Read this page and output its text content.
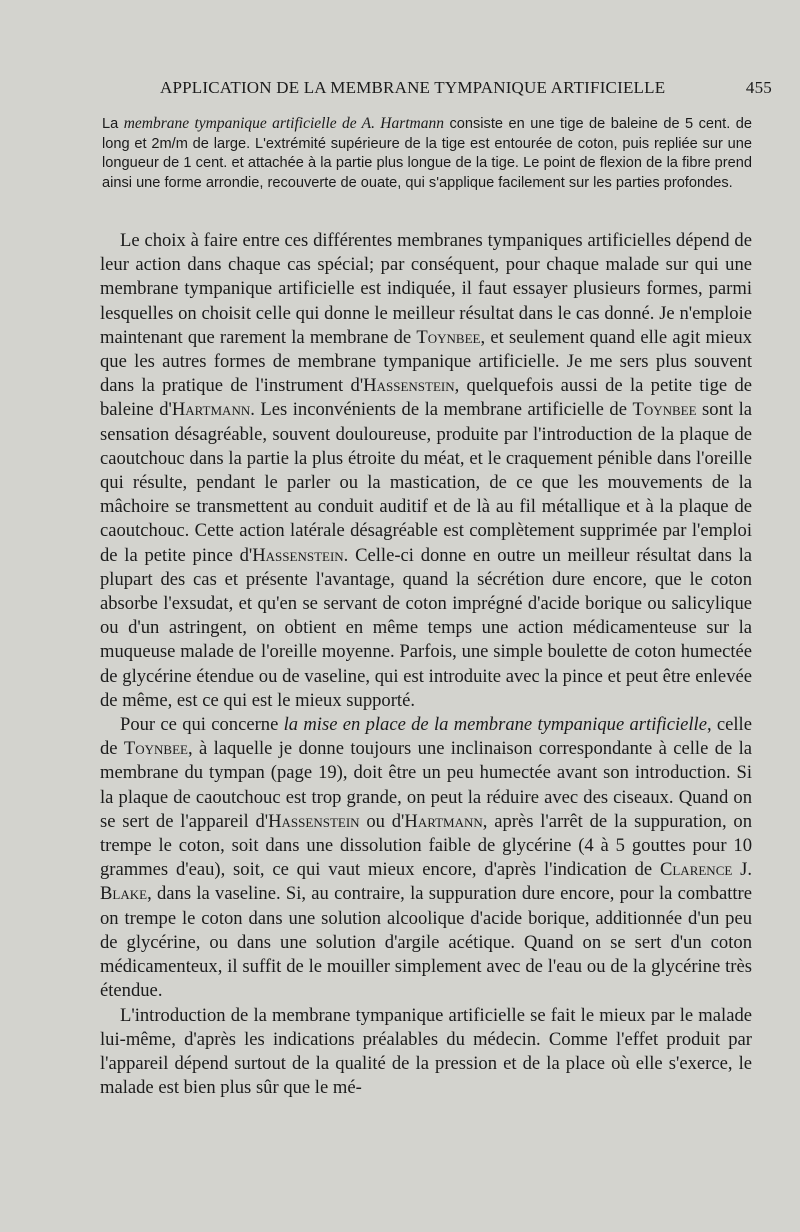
APPLICATION DE LA MEMBRANE TYMPANIQUE ARTIFICIELLE	455
La membrane tympanique artificielle de A. Hartmann consiste en une tige de baleine de 5 cent. de long et 2m/m de large. L'extrémité supérieure de la tige est entourée de coton, puis repliée sur une longueur de 1 cent. et attachée à la partie plus longue de la tige. Le point de flexion de la fibre prend ainsi une forme arrondie, recouverte de ouate, qui s'applique facilement sur les parties profondes.

Le choix à faire entre ces différentes membranes tympaniques artificielles dépend de leur action dans chaque cas spécial; par conséquent, pour chaque malade sur qui une membrane tympanique artificielle est indiquée, il faut essayer plusieurs formes, parmi lesquelles on choisit celle qui donne le meilleur résultat dans le cas donné. Je n'emploie maintenant que rarement la membrane de Toynbee, et seulement quand elle agit mieux que les autres formes de membrane tympanique artificielle. Je me sers plus souvent dans la pratique de l'instrument d'Hassenstein, quelquefois aussi de la petite tige de baleine d'Hartmann. Les inconvénients de la membrane artificielle de Toynbee sont la sensation désagréable, souvent douloureuse, produite par l'introduction de la plaque de caoutchouc dans la partie la plus étroite du méat, et le craquement pénible dans l'oreille qui résulte, pendant le parler ou la mastication, de ce que les mouvements de la mâchoire se transmettent au conduit auditif et de là au fil métallique et à la plaque de caoutchouc. Cette action latérale désagréable est complètement supprimée par l'emploi de la petite pince d'Hassenstein. Celle-ci donne en outre un meilleur résultat dans la plupart des cas et présente l'avantage, quand la sécrétion dure encore, que le coton absorbe l'exsudat, et qu'en se servant de coton imprégné d'acide borique ou salicylique ou d'un astringent, on obtient en même temps une action médicamenteuse sur la muqueuse malade de l'oreille moyenne. Parfois, une simple boulette de coton humectée de glycérine étendue ou de vaseline, qui est introduite avec la pince et peut être enlevée de même, est ce qui est le mieux supporté.

Pour ce qui concerne la mise en place de la membrane tympanique artificielle, celle de Toynbee, à laquelle je donne toujours une inclinaison correspondante à celle de la membrane du tympan (page 19), doit être un peu humectée avant son introduction. Si la plaque de caoutchouc est trop grande, on peut la réduire avec des ciseaux. Quand on se sert de l'appareil d'Hassenstein ou d'Hartmann, après l'arrêt de la suppuration, on trempe le coton, soit dans une dissolution faible de glycérine (4 à 5 gouttes pour 10 grammes d'eau), soit, ce qui vaut mieux encore, d'après l'indication de Clarence J. Blake, dans la vaseline. Si, au contraire, la suppuration dure encore, pour la combattre on trempe le coton dans une solution alcoolique d'acide borique, additionnée d'un peu de glycérine, ou dans une solution d'argile acétique. Quand on se sert d'un coton médicamenteux, il suffit de le mouiller simplement avec de l'eau ou de la glycérine très étendue.

L'introduction de la membrane tympanique artificielle se fait le mieux par le malade lui-même, d'après les indications préalables du médecin. Comme l'effet produit par l'appareil dépend surtout de la qualité de la pression et de la place où elle s'exerce, le malade est bien plus sûr que le mé-
